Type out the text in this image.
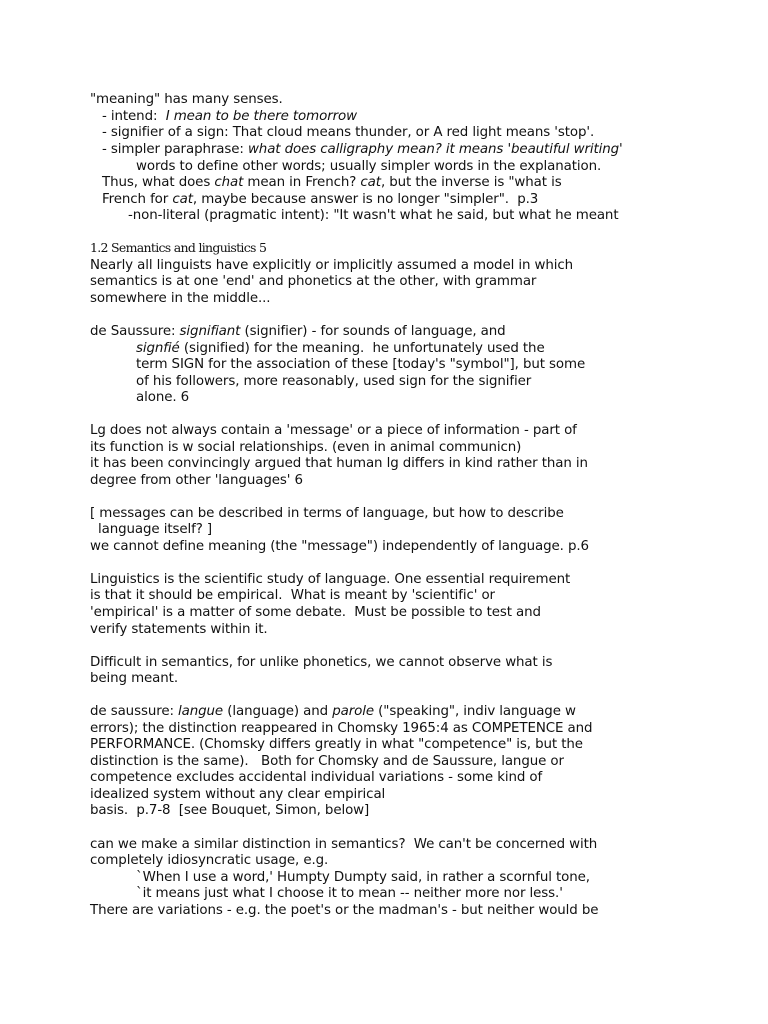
"meaning" has many senses.
- intend:  I mean to be there tomorrow
- signifier of a sign: That cloud means thunder, or A red light means 'stop'.
- simpler paraphrase: what does calligraphy mean? it means 'beautiful writing'
words to define other words; usually simpler words in the explanation.
Thus, what does chat mean in French? cat, but the inverse is "what is
French for cat, maybe because answer is no longer "simpler".  p.3
-non-literal (pragmatic intent): "It wasn't what he said, but what he meant
1.2 Semantics and linguistics 5
Nearly all linguists have explicitly or implicitly assumed a model in which
semantics is at one 'end' and phonetics at the other, with grammar
somewhere in the middle...
de Saussure: signifiant (signifier) - for sounds of language, and
signfié (signified) for the meaning.  he unfortunately used the
term SIGN for the association of these [today's "symbol"], but some
of his followers, more reasonably, used sign for the signifier
alone. 6
Lg does not always contain a 'message' or a piece of information - part of
its function is w social relationships. (even in animal communicn)
it has been convincingly argued that human lg differs in kind rather than in
degree from other 'languages' 6
[ messages can be described in terms of language, but how to describe
language itself? ]
we cannot define meaning (the "message") independently of language. p.6
Linguistics is the scientific study of language. One essential requirement
is that it should be empirical.  What is meant by 'scientific' or
'empirical' is a matter of some debate.  Must be possible to test and
verify statements within it.
Difficult in semantics, for unlike phonetics, we cannot observe what is
being meant.
de saussure: langue (language) and parole ("speaking", indiv language w
errors); the distinction reappeared in Chomsky 1965:4 as COMPETENCE and
PERFORMANCE. (Chomsky differs greatly in what "competence" is, but the
distinction is the same).   Both for Chomsky and de Saussure, langue or
competence excludes accidental individual variations - some kind of
idealized system without any clear empirical
basis.  p.7-8  [see Bouquet, Simon, below]
can we make a similar distinction in semantics?  We can't be concerned with
completely idiosyncratic usage, e.g.
`When I use a word,' Humpty Dumpty said, in rather a scornful tone,
`it means just what I choose it to mean -- neither more nor less.'
There are variations - e.g. the poet's or the madman's - but neither would be
